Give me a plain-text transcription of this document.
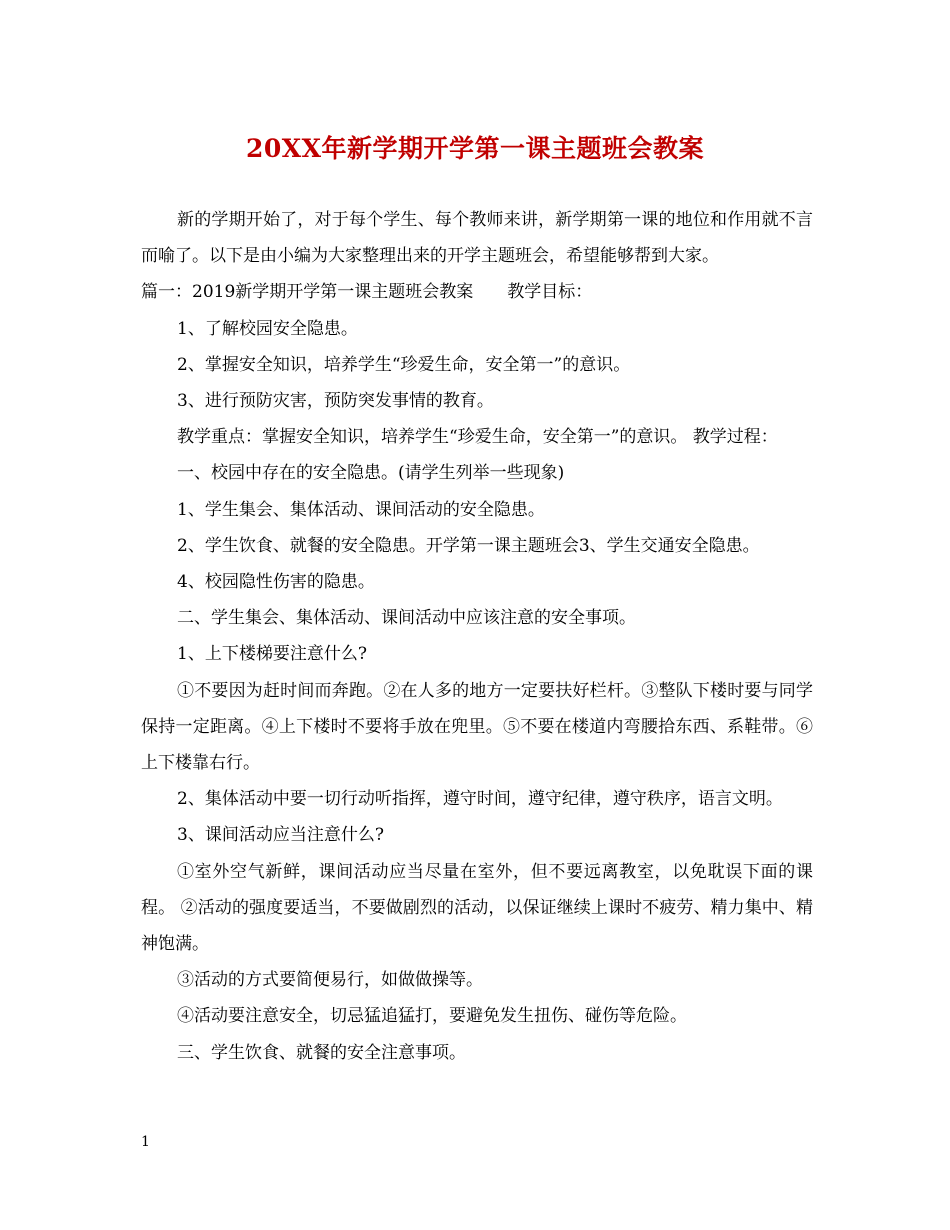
20XX年新学期开学第一课主题班会教案

新的学期开始了，对于每个学生、每个教师来讲，新学期第一课的地位和作用就不言而喻了。以下是由小编为大家整理出来的开学主题班会，希望能够帮到大家。

篇一：2019新学期开学第一课主题班会教案　　教学目标：

1、了解校园安全隐患。

2、掌握安全知识，培养学生“珍爱生命，安全第一”的意识。

3、进行预防灾害，预防突发事情的教育。

教学重点：掌握安全知识，培养学生“珍爱生命，安全第一”的意识。 教学过程：

一、校园中存在的安全隐患。(请学生列举一些现象)

1、学生集会、集体活动、课间活动的安全隐患。

2、学生饮食、就餐的安全隐患。开学第一课主题班会3、学生交通安全隐患。

4、校园隐性伤害的隐患。

二、学生集会、集体活动、课间活动中应该注意的安全事项。

1、上下楼梯要注意什么?

①不要因为赶时间而奔跑。②在人多的地方一定要扶好栏杆。③整队下楼时要与同学保持一定距离。④上下楼时不要将手放在兜里。⑤不要在楼道内弯腰拾东西、系鞋带。⑥上下楼靠右行。

2、集体活动中要一切行动听指挥，遵守时间，遵守纪律，遵守秩序，语言文明。

3、课间活动应当注意什么?

①室外空气新鲜，课间活动应当尽量在室外，但不要远离教室，以免耽误下面的课程。 ②活动的强度要适当，不要做剧烈的活动，以保证继续上课时不疲劳、精力集中、精神饱满。

③活动的方式要简便易行，如做做操等。

④活动要注意安全，切忌猛追猛打，要避免发生扭伤、碰伤等危险。

三、学生饮食、就餐的安全注意事项。

1
